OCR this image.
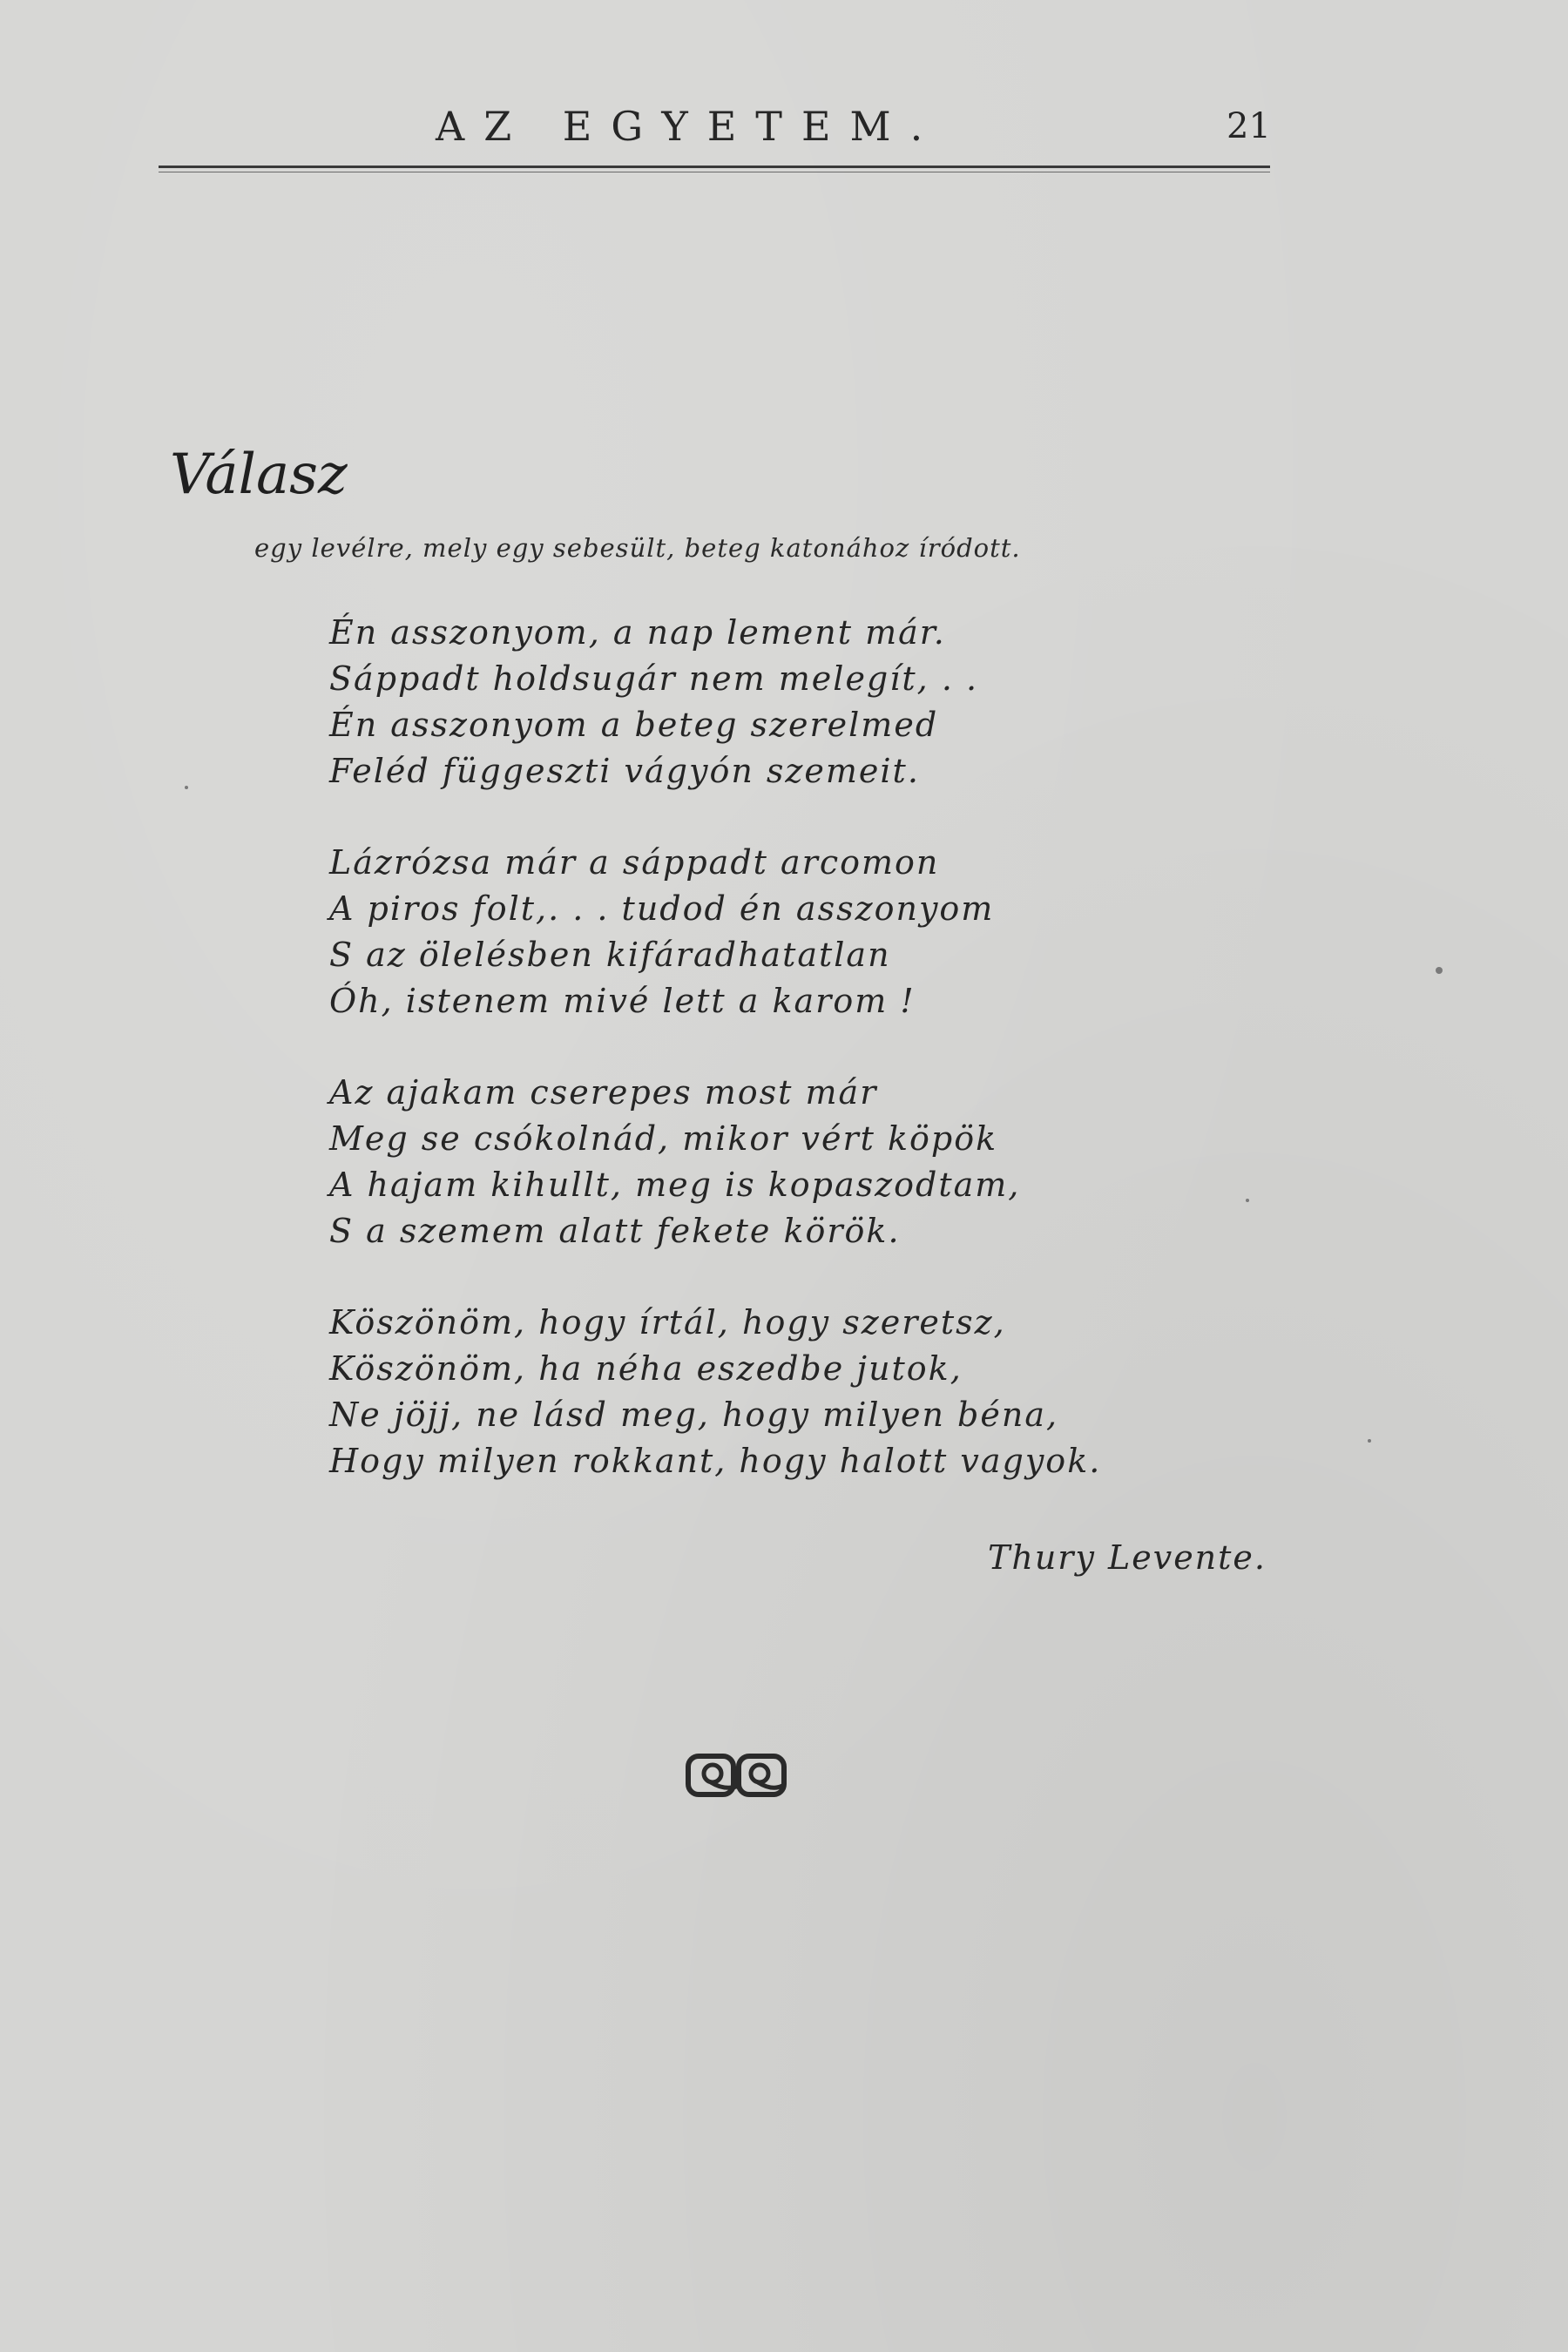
AZ EGYETEM.	21
Válasz
egy levélre, mely egy sebesült, beteg katonához íródott.
Én asszonyom, a nap lement már.
Sáppadt holdsugár nem melegít, . .
Én asszonyom a beteg szerelmed
Feléd függeszti vágyón szemeit.
Lázrózsa már a sáppadt arcomon
A piros folt,. . . tudod én asszonyom
S az ölelésben kifáradhatatlan
Óh, istenem mivé lett a karom !
Az ajakam cserepes most már
Meg se csókolnád, mikor vért köpök
A hajam kihullt, meg is kopaszodtam,
S a szemem alatt fekete körök.
Köszönöm, hogy írtál, hogy szeretsz,
Köszönöm, ha néha eszedbe jutok,
Ne jöjj, ne lásd meg, hogy milyen béna,
Hogy milyen rokkant, hogy halott vagyok.
Thury Levente.
